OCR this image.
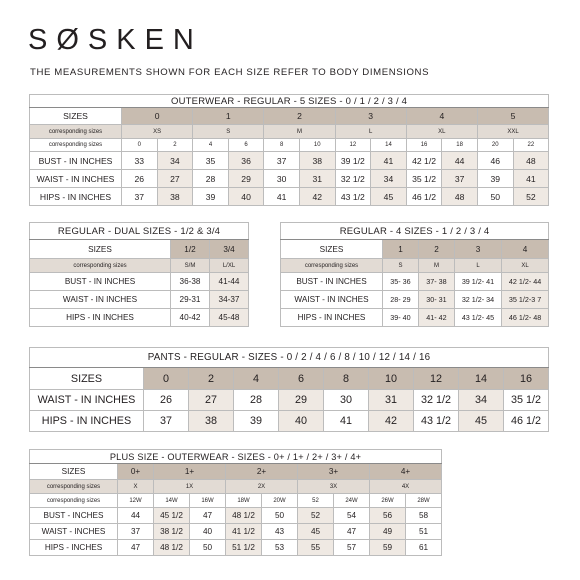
SØSKEN
THE MEASUREMENTS SHOWN FOR EACH SIZE REFER TO BODY DIMENSIONS
OUTERWEAR - REGULAR - 5 SIZES - 0 / 1 / 2 / 3 / 4												
SIZES	0		1		2		3		4		5	
corresponding sizes	XS		S		M		L		XL		XXL	
corresponding sizes	0	2	4	6	8	10	12	14	16	18	20	22
BUST - IN INCHES	33	34	35	36	37	38	39 1/2	41	42 1/2	44	46	48
WAIST - IN INCHES	26	27	28	29	30	31	32 1/2	34	35 1/2	37	39	41
HIPS - IN INCHES	37	38	39	40	41	42	43 1/2	45	46 1/2	48	50	52
REGULAR - DUAL SIZES - 1/2 & 3/4		
SIZES	1/2	3/4
corresponding sizes	S/M	L/XL
BUST - IN INCHES	36-38	41-44
WAIST - IN INCHES	29-31	34-37
HIPS - IN INCHES	40-42	45-48
REGULAR - 4 SIZES - 1 / 2 / 3 / 4				
SIZES	1	2	3	4
corresponding sizes	S	M	L	XL
BUST - IN INCHES	35- 36	37- 38	39 1/2- 41	42 1/2- 44
WAIST - IN INCHES	28- 29	30- 31	32 1/2- 34	35 1/2-3 7
HIPS - IN INCHES	39- 40	41- 42	43 1/2- 45	46 1/2- 48
PANTS - REGULAR - SIZES - 0 / 2 / 4 / 6 / 8 / 10 / 12 / 14 / 16									
SIZES	0	2	4	6	8	10	12	14	16
WAIST - IN INCHES	26	27	28	29	30	31	32 1/2	34	35 1/2
HIPS - IN INCHES	37	38	39	40	41	42	43 1/2	45	46 1/2
PLUS SIZE - OUTERWEAR - SIZES - 0+ / 1+ / 2+ / 3+ / 4+									
SIZES	0+	1+		2+		3+		4+	
corresponding sizes	X	1X		2X		3X		4X	
corresponding sizes	12W	14W	16W	18W	20W	52	24W	26W	28W
BUST - INCHES	44	45 1/2	47	48 1/2	50	52	54	56	58
WAIST - INCHES	37	38 1/2	40	41 1/2	43	45	47	49	51
HIPS - INCHES	47	48 1/2	50	51 1/2	53	55	57	59	61
